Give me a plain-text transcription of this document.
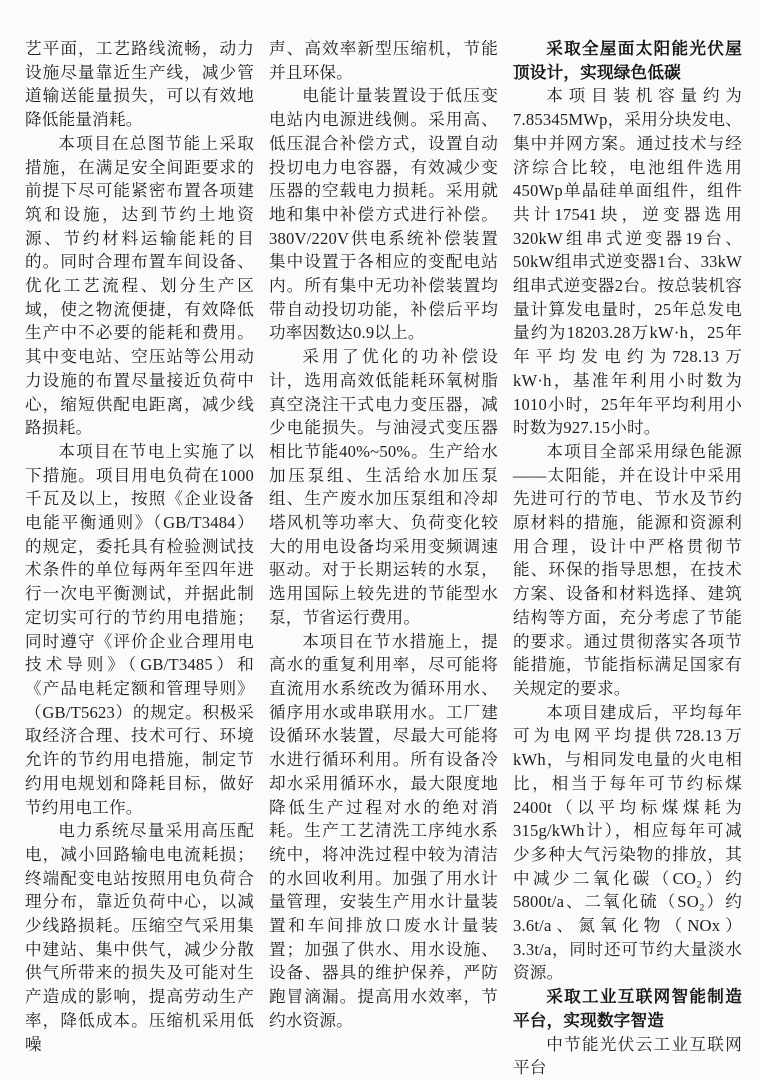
艺平面，工艺路线流畅，动力设施尽量靠近生产线，减少管道输送能量损失，可以有效地降低能量消耗。

本项目在总图节能上采取措施，在满足安全间距要求的前提下尽可能紧密布置各项建筑和设施，达到节约土地资源、节约材料运输能耗的目的。同时合理布置车间设备、优化工艺流程、划分生产区域，使之物流便捷，有效降低生产中不必要的能耗和费用。其中变电站、空压站等公用动力设施的布置尽量接近负荷中心，缩短供配电距离，减少线路损耗。

本项目在节电上实施了以下措施。项目用电负荷在1000千瓦及以上，按照《企业设备电能平衡通则》（GB/T3484）的规定，委托具有检验测试技术条件的单位每两年至四年进行一次电平衡测试，并据此制定切实可行的节约用电措施；同时遵守《评价企业合理用电技术导则》（GB/T3485）和《产品电耗定额和管理导则》（GB/T5623）的规定。积极采取经济合理、技术可行、环境允许的节约用电措施，制定节约用电规划和降耗目标，做好节约用电工作。

电力系统尽量采用高压配电，减小回路输电电流耗损；终端配变电站按照用电负荷合理分布，靠近负荷中心，以减少线路损耗。压缩空气采用集中建站、集中供气，减少分散供气所带来的损失及可能对生产造成的影响，提高劳动生产率，降低成本。压缩机采用低噪

声、高效率新型压缩机，节能并且环保。

电能计量装置设于低压变电站内电源进线侧。采用高、低压混合补偿方式，设置自动投切电力电容器，有效减少变压器的空载电力损耗。采用就地和集中补偿方式进行补偿。380V/220V供电系统补偿装置集中设置于各相应的变配电站内。所有集中无功补偿装置均带自动投切功能，补偿后平均功率因数达0.9以上。

采用了优化的功补偿设计，选用高效低能耗环氧树脂真空浇注干式电力变压器，减少电能损失。与油浸式变压器相比节能40%~50%。生产给水加压泵组、生活给水加压泵组、生产废水加压泵组和冷却塔风机等功率大、负荷变化较大的用电设备均采用变频调速驱动。对于长期运转的水泵，选用国际上较先进的节能型水泵，节省运行费用。

本项目在节水措施上，提高水的重复利用率，尽可能将直流用水系统改为循环用水、循序用水或串联用水。工厂建设循环水装置，尽最大可能将水进行循环利用。所有设备冷却水采用循环水，最大限度地降低生产过程对水的绝对消耗。生产工艺清洗工序纯水系统中，将冲洗过程中较为清洁的水回收利用。加强了用水计量管理，安装生产用水计量装置和车间排放口废水计量装置；加强了供水、用水设施、设备、器具的维护保养，严防跑冒滴漏。提高用水效率，节约水资源。

采取全屋面太阳能光伏屋顶设计，实现绿色低碳

本项目装机容量约为7.85345MWp，采用分块发电、集中并网方案。通过技术与经济综合比较，电池组件选用450Wp单晶硅单面组件，组件共计17541块，逆变器选用320kW组串式逆变器19台、50kW组串式逆变器1台、33kW组串式逆变器2台。按总装机容量计算发电量时，25年总发电量约为18203.28万kW·h，25年年平均发电约为728.13万kW·h，基准年利用小时数为1010小时，25年年平均利用小时数为927.15小时。

本项目全部采用绿色能源——太阳能，并在设计中采用先进可行的节电、节水及节约原材料的措施，能源和资源利用合理，设计中严格贯彻节能、环保的指导思想，在技术方案、设备和材料选择、建筑结构等方面，充分考虑了节能的要求。通过贯彻落实各项节能措施，节能指标满足国家有关规定的要求。

本项目建成后，平均每年可为电网平均提供728.13万kWh，与相同发电量的火电相比，相当于每年可节约标煤2400t（以平均标煤煤耗为315g/kWh计），相应每年可减少多种大气污染物的排放，其中减少二氧化碳（CO₂）约5800t/a、二氧化硫（SO₂）约3.6t/a、氮氧化物（NOx）3.3t/a，同时还可节约大量淡水资源。

采取工业互联网智能制造平台，实现数字智造

中节能光伏云工业互联网平台
